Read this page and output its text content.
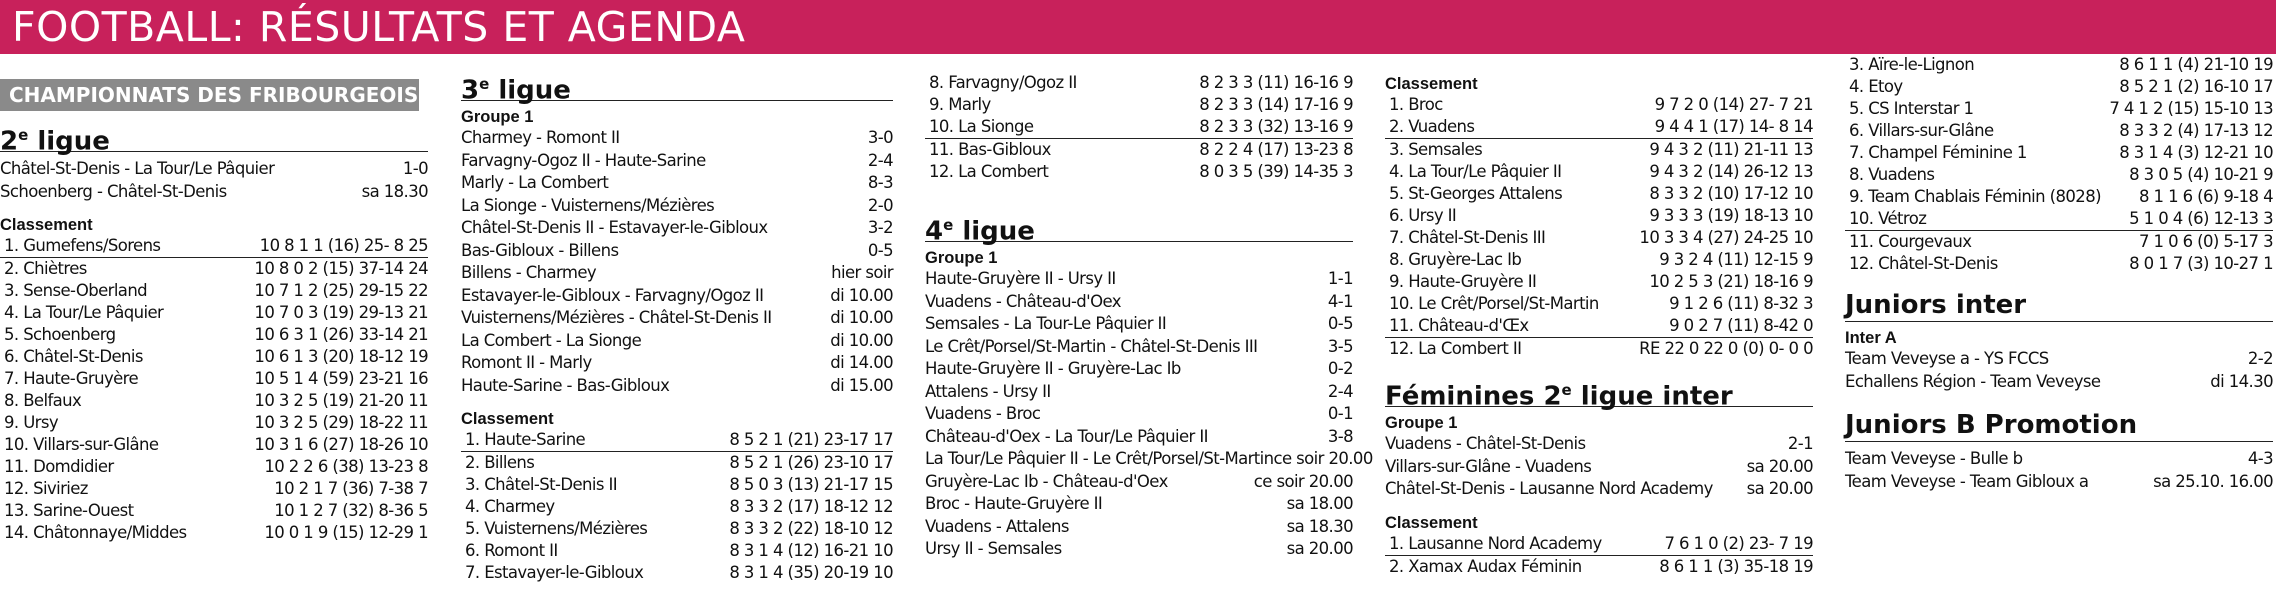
FOOTBALL: RÉSULTATS ET AGENDA
CHAMPIONNATS DES FRIBOURGEOIS
2e ligue
Châtel-St-Denis - La Tour/Le Pâquier	1-0
Schoenberg - Châtel-St-Denis	sa 18.30
Classement
1. Gumefens/Sorens	10 8 1 1 (16) 25- 8 25
2. Chiètres	10 8 0 2 (15) 37-14 24
3. Sense-Oberland	10 7 1 2 (25) 29-15 22
4. La Tour/Le Pâquier	10 7 0 3 (19) 29-13 21
5. Schoenberg	10 6 3 1 (26) 33-14 21
6. Châtel-St-Denis	10 6 1 3 (20) 18-12 19
7. Haute-Gruyère	10 5 1 4 (59) 23-21 16
8. Belfaux	10 3 2 5 (19) 21-20 11
9. Ursy	10 3 2 5 (29) 18-22 11
10. Villars-sur-Glâne	10 3 1 6 (27) 18-26 10
11. Domdidier	10 2 2 6 (38) 13-23 8
12. Siviriez	10 2 1 7 (36) 7-38 7
13. Sarine-Ouest	10 1 2 7 (32) 8-36 5
14. Châtonnaye/Middes	10 0 1 9 (15) 12-29 1
3e ligue
Groupe 1
Charmey - Romont II	3-0
Farvagny-Ogoz II - Haute-Sarine	2-4
Marly - La Combert	8-3
La Sionge - Vuisternens/Mézières	2-0
Châtel-St-Denis II - Estavayer-le-Gibloux	3-2
Bas-Gibloux - Billens	0-5
Billens - Charmey	hier soir
Estavayer-le-Gibloux - Farvagny/Ogoz II	di 10.00
Vuisternens/Mézières - Châtel-St-Denis II	di 10.00
La Combert - La Sionge	di 10.00
Romont II - Marly	di 14.00
Haute-Sarine - Bas-Gibloux	di 15.00
Classement
1. Haute-Sarine	8 5 2 1 (21) 23-17 17
2. Billens	8 5 2 1 (26) 23-10 17
3. Châtel-St-Denis II	8 5 0 3 (13) 21-17 15
4. Charmey	8 3 3 2 (17) 18-12 12
5. Vuisternens/Mézières	8 3 3 2 (22) 18-10 12
6. Romont II	8 3 1 4 (12) 16-21 10
7. Estavayer-le-Gibloux	8 3 1 4 (35) 20-19 10
8. Farvagny/Ogoz II	8 2 3 3 (11) 16-16 9
9. Marly	8 2 3 3 (14) 17-16 9
10. La Sionge	8 2 3 3 (32) 13-16 9
11. Bas-Gibloux	8 2 2 4 (17) 13-23 8
12. La Combert	8 0 3 5 (39) 14-35 3
4e ligue
Groupe 1
Haute-Gruyère II - Ursy II	1-1
Vuadens - Château-d'Oex	4-1
Semsales - La Tour-Le Pâquier II	0-5
Le Crêt/Porsel/St-Martin - Châtel-St-Denis III	3-5
Haute-Gruyère II - Gruyère-Lac Ib	0-2
Attalens - Ursy II	2-4
Vuadens - Broc	0-1
Château-d'Oex - La Tour/Le Pâquier II	3-8
La Tour/Le Pâquier II - Le Crêt/Porsel/St-Martin ce soir 20.00
Gruyère-Lac Ib - Château-d'Oex	ce soir 20.00
Broc - Haute-Gruyère II	sa 18.00
Vuadens - Attalens	sa 18.30
Ursy II - Semsales	sa 20.00
Classement
1. Broc	9 7 2 0 (14) 27- 7 21
2. Vuadens	9 4 4 1 (17) 14- 8 14
3. Semsales	9 4 3 2 (11) 21-11 13
4. La Tour/Le Pâquier II	9 4 3 2 (14) 26-12 13
5. St-Georges Attalens	8 3 3 2 (10) 17-12 10
6. Ursy II	9 3 3 3 (19) 18-13 10
7. Châtel-St-Denis III	10 3 3 4 (27) 24-25 10
8. Gruyère-Lac Ib	9 3 2 4 (11) 12-15 9
9. Haute-Gruyère II	10 2 5 3 (21) 18-16 9
10. Le Crêt/Porsel/St-Martin	9 1 2 6 (11) 8-32 3
11. Château-d'Œx	9 0 2 7 (11) 8-42 0
12. La Combert II	RE 22 0 22 0 (0) 0- 0 0
Féminines 2e ligue inter
Groupe 1
Vuadens - Châtel-St-Denis	2-1
Villars-sur-Glâne - Vuadens	sa 20.00
Châtel-St-Denis - Lausanne Nord Academy sa 20.00
Classement
1. Lausanne Nord Academy	7 6 1 0 (2) 23- 7 19
2. Xamax Audax Féminin	8 6 1 1 (3) 35-18 19
3. Aïre-le-Lignon	8 6 1 1 (4) 21-10 19
4. Etoy	8 5 2 1 (2) 16-10 17
5. CS Interstar 1	7 4 1 2 (15) 15-10 13
6. Villars-sur-Glâne	8 3 3 2 (4) 17-13 12
7. Champel Féminine 1	8 3 1 4 (3) 12-21 10
8. Vuadens	8 3 0 5 (4) 10-21 9
9. Team Chablais Féminin (8028) 8 1 1 6 (6) 9-18 4
10. Vétroz	5 1 0 4 (6) 12-13 3
11. Courgevaux	7 1 0 6 (0) 5-17 3
12. Châtel-St-Denis	8 0 1 7 (3) 10-27 1
Juniors inter
Inter A
Team Veveyse a - YS FCCS	2-2
Echallens Région - Team Veveyse	di 14.30
Juniors B Promotion
Team Veveyse - Bulle b	4-3
Team Veveyse - Team Gibloux a	sa 25.10. 16.00
